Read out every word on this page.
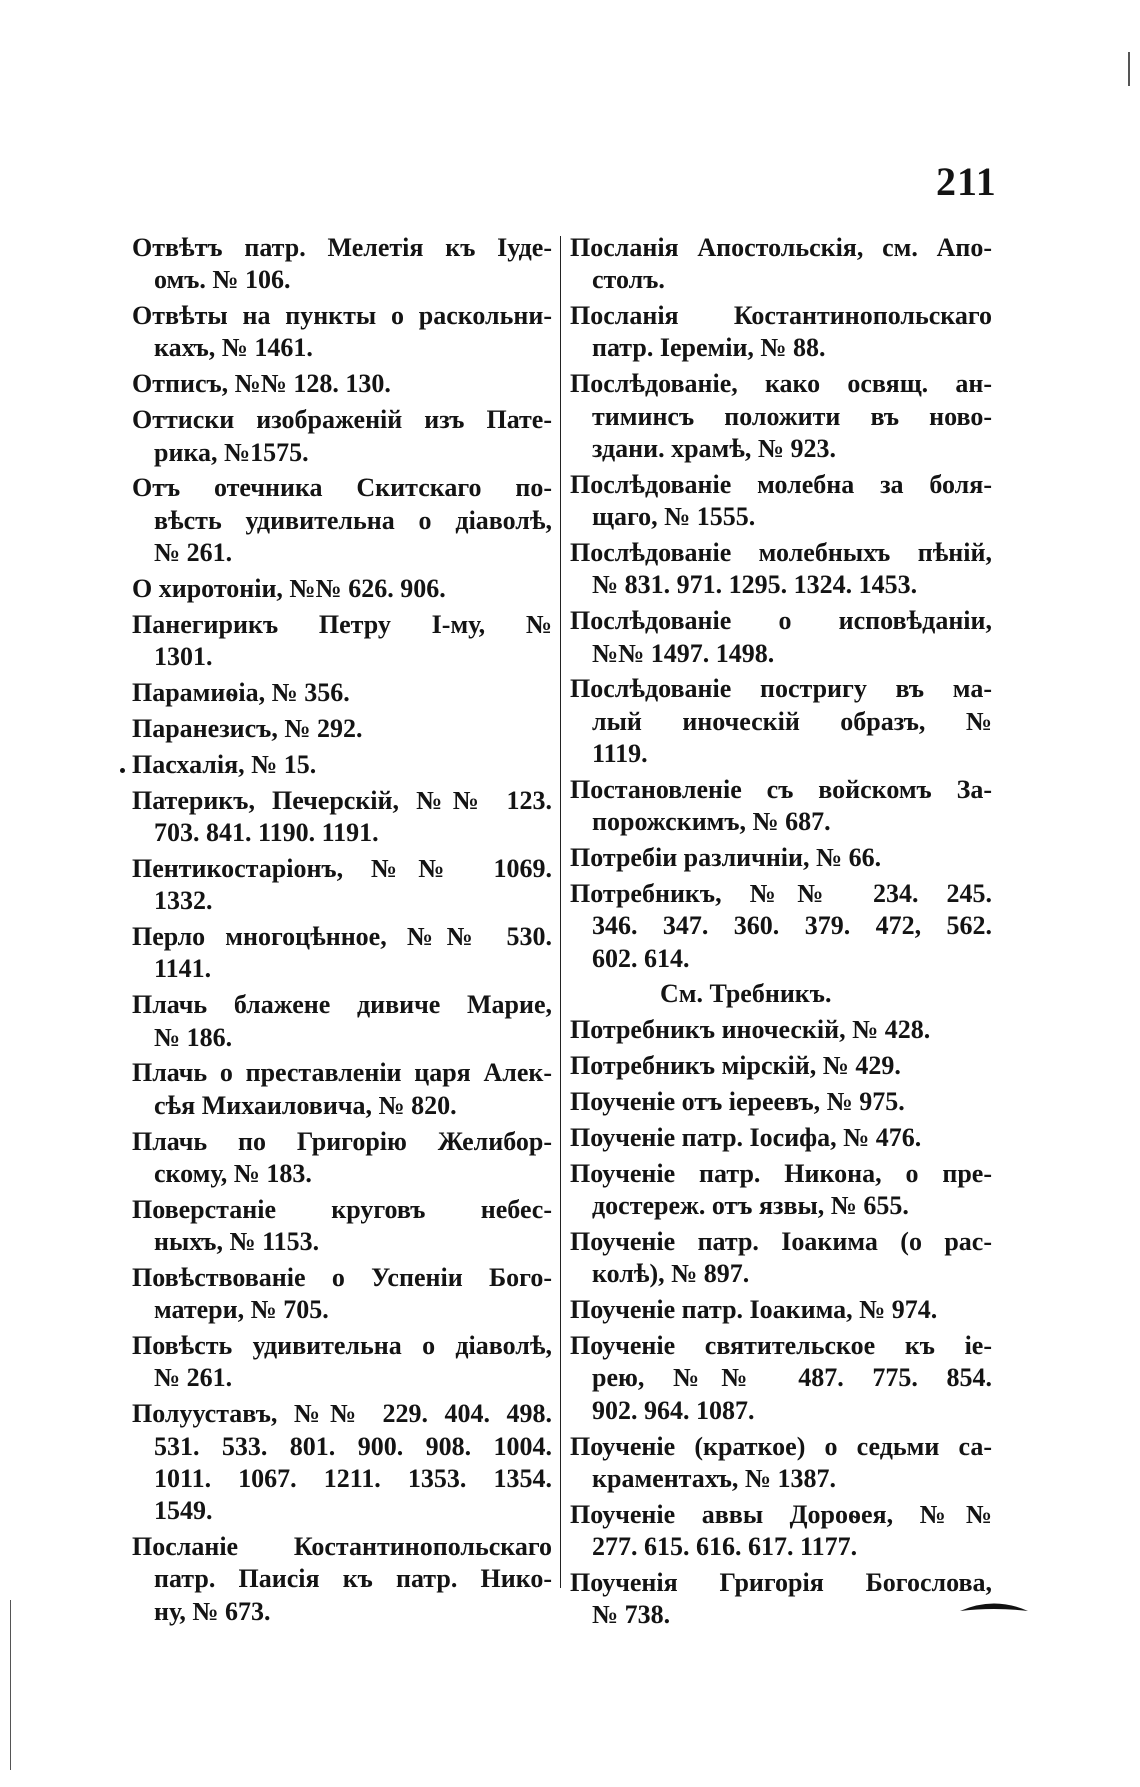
211
Отвѣтъ патр. Мелетія къ Іуде-
омъ. № 106.
Отвѣты на пункты о раскольни-
кахъ, № 1461.
Отписъ, №№ 128. 130.
Оттиски изображеній изъ Пате-
рика, №1575.
Отъ отечника Скитскаго по-
вѣсть удивительна о діаволѣ,
№ 261.
О хиротоніи, №№ 626. 906.
Панегирикъ Петру I-му, №
1301.
Парамиѳіа, № 356.
Паранезисъ, № 292.
Пасхалія, № 15.
Патерикъ, Печерскій, №№ 123.
703. 841. 1190. 1191.
Пентикостаріонъ, №№ 1069.
1332.
Перло многоцѣнное, №№ 530.
1141.
Плачь блажене дивиче Марие,
№ 186.
Плачь о преставленіи царя Алек-
сѣя Михаиловича, № 820.
Плачь по Григорію Желибор-
скому, № 183.
Поверстаніе круговъ небес-
ныхъ, № 1153.
Повѣствованіе о Успеніи Бого-
матери, № 705.
Повѣсть удивительна о діаволѣ,
№ 261.
Полууставъ, №№ 229. 404. 498.
531. 533. 801. 900. 908. 1004.
1011. 1067. 1211. 1353. 1354.
1549.
Посланіе Костантинопольскаго
патр. Паисія къ патр. Нико-
ну, № 673.
Посланія Апостольскія, см. Апо-
столъ.
Посланія Костантинопольскаго
патр. Іереміи, № 88.
Послѣдованіе, како освящ. ан-
тиминсъ положити въ ново-
здани. храмѣ, № 923.
Послѣдованіе молебна за боля-
щаго, № 1555.
Послѣдованіе молебныхъ пѣній,
№ 831. 971. 1295. 1324. 1453.
Послѣдованіе о исповѣданіи,
№№ 1497. 1498.
Послѣдованіе постригу въ ма-
лый иноческій образъ, №
1119.
Постановленіе съ войскомъ За-
порожскимъ, № 687.
Потребіи различніи, № 66.
Потребникъ, №№ 234. 245.
346. 347. 360. 379. 472, 562.
602. 614.
См. Требникъ.
Потребникъ иноческій, № 428.
Потребникъ мірскій, № 429.
Поученіе отъ іереевъ, № 975.
Поученіе патр. Іосифа, № 476.
Поученіе патр. Никона, о пре-
достереж. отъ язвы, № 655.
Поученіе патр. Іоакима (о рас-
колѣ), № 897.
Поученіе патр. Іоакима, № 974.
Поученіе святительское къ іе-
рею, №№ 487. 775. 854.
902. 964. 1087.
Поученіе (краткое) о седьми са-
краментахъ, № 1387.
Поученіе аввы Дороѳея, №№
277. 615. 616. 617. 1177.
Поученія Григорія Богослова,
№ 738.
